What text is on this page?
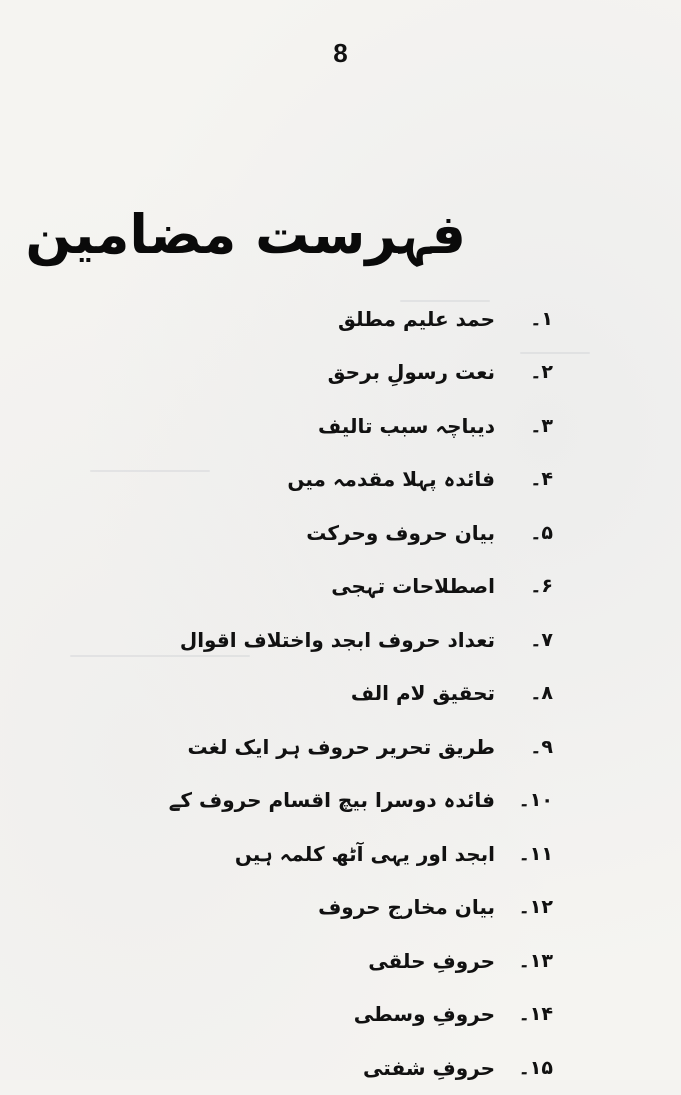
8
فہرست مضامین
۱۔
حمد علیم مطلق
۲۔
نعت رسولِ برحق
۳۔
دیباچہ سبب تالیف
۴۔
فائدہ پہلا مقدمہ میں
۵۔
بیان حروف وحرکت
۶۔
اصطلاحات تہجی
۷۔
تعداد حروف ابجد واختلاف اقوال
۸۔
تحقیق لام الف
۹۔
طریق تحریر حروف ہر ایک لغت
۱۰۔
فائدہ دوسرا بیچ اقسام حروف کے
۱۱۔
ابجد اور یہی آٹھ کلمہ ہیں
۱۲۔
بیان مخارج حروف
۱۳۔
حروفِ حلقی
۱۴۔
حروفِ وسطی
۱۵۔
حروفِ شفتی
